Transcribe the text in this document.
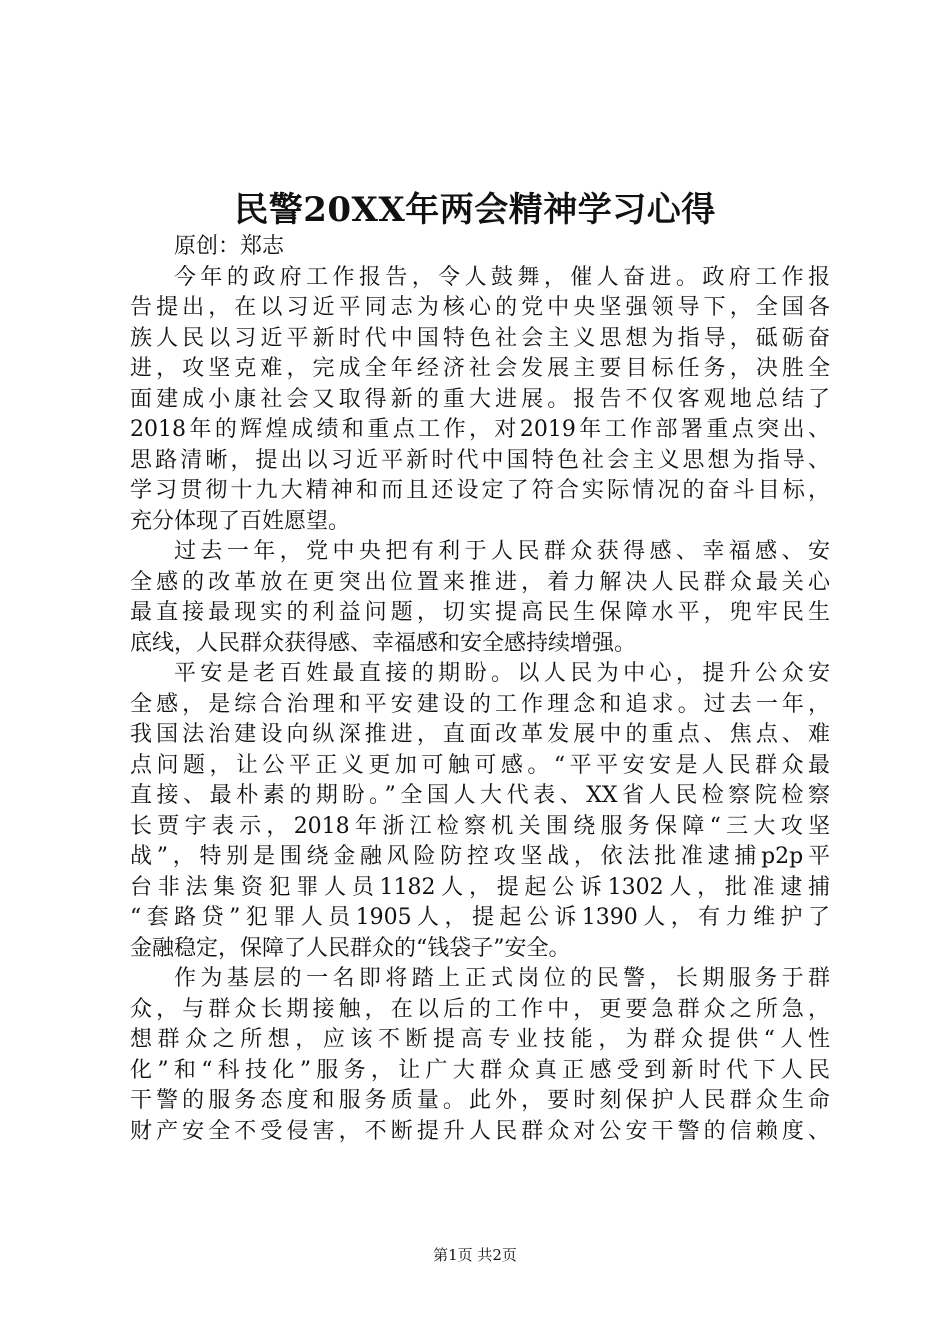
民警20XX年两会精神学习心得
原创：郑志
今年的政府工作报告，令人鼓舞，催人奋进。政府工作报
告提出，在以习近平同志为核心的党中央坚强领导下，全国各
族人民以习近平新时代中国特色社会主义思想为指导，砥砺奋
进，攻坚克难，完成全年经济社会发展主要目标任务，决胜全
面建成小康社会又取得新的重大进展。报告不仅客观地总结了
2018年的辉煌成绩和重点工作，对2019年工作部署重点突出、
思路清晰，提出以习近平新时代中国特色社会主义思想为指导、
学习贯彻十九大精神和而且还设定了符合实际情况的奋斗目标，
充分体现了百姓愿望。
过去一年，党中央把有利于人民群众获得感、幸福感、安
全感的改革放在更突出位置来推进，着力解决人民群众最关心
最直接最现实的利益问题，切实提高民生保障水平，兜牢民生
底线，人民群众获得感、幸福感和安全感持续增强。
平安是老百姓最直接的期盼。以人民为中心，提升公众安
全感，是综合治理和平安建设的工作理念和追求。过去一年，
我国法治建设向纵深推进，直面改革发展中的重点、焦点、难
点问题，让公平正义更加可触可感。“平平安安是人民群众最
直接、最朴素的期盼。”全国人大代表、XX省人民检察院检察
长贾宇表示，2018年浙江检察机关围绕服务保障“三大攻坚
战”，特别是围绕金融风险防控攻坚战，依法批准逮捕p2p平
台非法集资犯罪人员1182人，提起公诉1302人，批准逮捕
“套路贷”犯罪人员1905人，提起公诉1390人，有力维护了
金融稳定，保障了人民群众的“钱袋子”安全。
作为基层的一名即将踏上正式岗位的民警，长期服务于群
众，与群众长期接触，在以后的工作中，更要急群众之所急，
想群众之所想，应该不断提高专业技能，为群众提供“人性
化”和“科技化”服务，让广大群众真正感受到新时代下人民
干警的服务态度和服务质量。此外，要时刻保护人民群众生命
财产安全不受侵害，不断提升人民群众对公安干警的信赖度、
第1页 共2页
